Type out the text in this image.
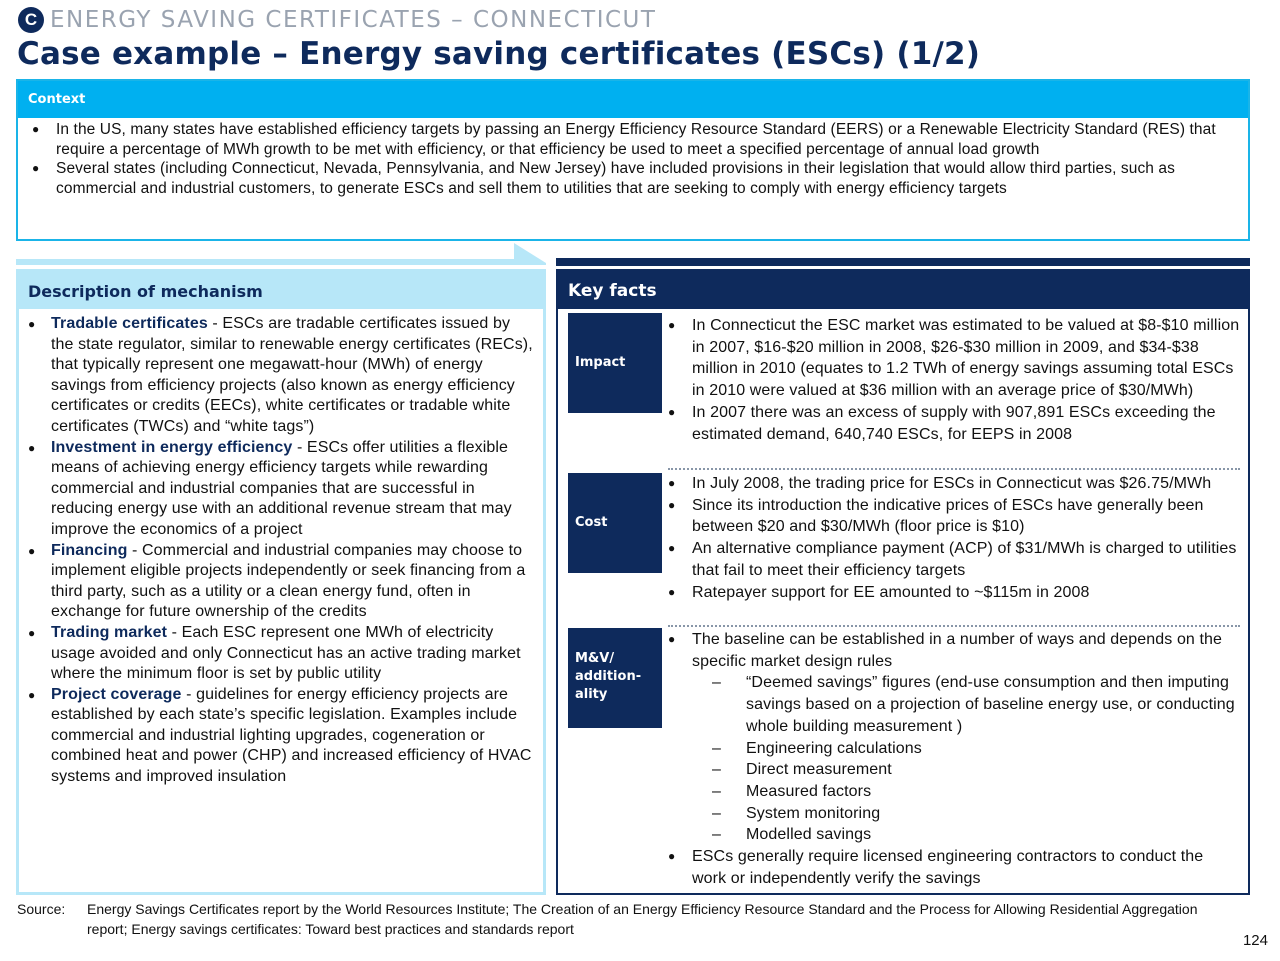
C ENERGY SAVING CERTIFICATES – CONNECTICUT
Case example – Energy saving certificates (ESCs) (1/2)
Context
● In the US, many states have established efficiency targets by passing an Energy Efficiency Resource Standard (EERS) or a Renewable Electricity Standard (RES) that require a percentage of MWh growth to be met with efficiency, or that efficiency be used to meet a specified percentage of annual load growth
● Several states (including Connecticut, Nevada, Pennsylvania, and New Jersey) have included provisions in their legislation that would allow third parties, such as commercial and industrial customers, to generate ESCs and sell them to utilities that are seeking to comply with energy efficiency targets
Description of mechanism
● Tradable certificates - ESCs are tradable certificates issued by the state regulator, similar to renewable energy certificates (RECs), that typically represent one megawatt-hour (MWh) of energy savings from efficiency projects (also known as energy efficiency certificates or credits (EECs), white certificates or tradable white certificates (TWCs) and “white tags”)
● Investment in energy efficiency - ESCs offer utilities a flexible means of achieving energy efficiency targets while rewarding commercial and industrial companies that are successful in reducing energy use with an additional revenue stream that may improve the economics of a project
● Financing - Commercial and industrial companies may choose to implement eligible projects independently or seek financing from a third party, such as a utility or a clean energy fund, often in exchange for future ownership of the credits
● Trading market - Each ESC represent one MWh of electricity usage avoided and only Connecticut has an active trading market where the minimum floor is set by public utility
● Project coverage - guidelines for energy efficiency projects are established by each state’s specific legislation. Examples include commercial and industrial lighting upgrades, cogeneration or combined heat and power (CHP) and increased efficiency of HVAC systems and improved insulation
Key facts
Impact
● In Connecticut the ESC market was estimated to be valued at $8-$10 million in 2007, $16-$20 million in 2008, $26-$30 million in 2009, and $34-$38 million in 2010 (equates to 1.2 TWh of energy savings assuming total ESCs in 2010 were valued at $36 million with an average price of $30/MWh)
● In 2007 there was an excess of supply with 907,891 ESCs exceeding the estimated demand, 640,740 ESCs, for EEPS in 2008
Cost
● In July 2008, the trading price for ESCs in Connecticut was $26.75/MWh
● Since its introduction the indicative prices of ESCs have generally been between $20 and $30/MWh (floor price is $10)
● An alternative compliance payment (ACP) of $31/MWh is charged to utilities that fail to meet their efficiency targets
● Ratepayer support for EE amounted to ~$115m in 2008
M&V/
addition-
ality
● The baseline can be established in a number of ways and depends on the specific market design rules
– “Deemed savings” figures (end-use consumption and then imputing savings based on a projection of baseline energy use, or conducting whole building measurement )
– Engineering calculations
– Direct measurement
– Measured factors
– System monitoring
– Modelled savings
● ESCs generally require licensed engineering contractors to conduct the work or independently verify the savings
Source:	Energy Savings Certificates report by the World Resources Institute; The Creation of an Energy Efficiency Resource Standard and the Process for Allowing Residential Aggregation report; Energy savings certificates: Toward best practices and standards report
124
